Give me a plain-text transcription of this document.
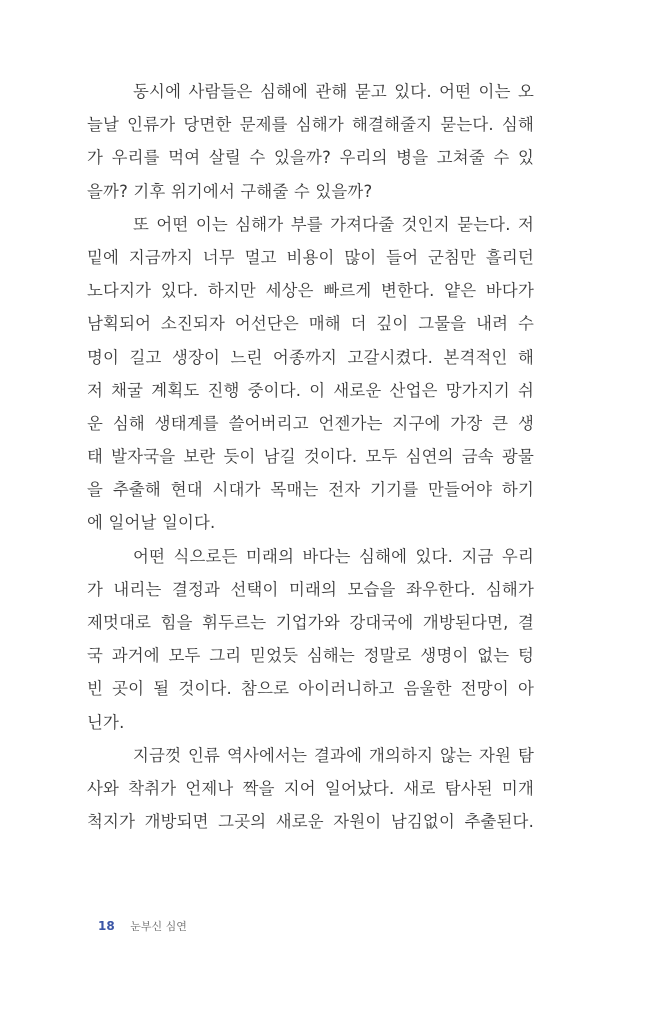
동시에 사람들은 심해에 관해 묻고 있다. 어떤 이는 오
늘날 인류가 당면한 문제를 심해가 해결해줄지 묻는다. 심해
가 우리를 먹여 살릴 수 있을까? 우리의 병을 고쳐줄 수 있
을까? 기후 위기에서 구해줄 수 있을까?
또 어떤 이는 심해가 부를 가져다줄 것인지 묻는다. 저
밑에 지금까지 너무 멀고 비용이 많이 들어 군침만 흘리던
노다지가 있다. 하지만 세상은 빠르게 변한다. 얕은 바다가
남획되어 소진되자 어선단은 매해 더 깊이 그물을 내려 수
명이 길고 생장이 느린 어종까지 고갈시켰다. 본격적인 해
저 채굴 계획도 진행 중이다. 이 새로운 산업은 망가지기 쉬
운 심해 생태계를 쓸어버리고 언젠가는 지구에 가장 큰 생
태 발자국을 보란 듯이 남길 것이다. 모두 심연의 금속 광물
을 추출해 현대 시대가 목매는 전자 기기를 만들어야 하기
에 일어날 일이다.
어떤 식으로든 미래의 바다는 심해에 있다. 지금 우리
가 내리는 결정과 선택이 미래의 모습을 좌우한다. 심해가
제멋대로 힘을 휘두르는 기업가와 강대국에 개방된다면, 결
국 과거에 모두 그리 믿었듯 심해는 정말로 생명이 없는 텅
빈 곳이 될 것이다. 참으로 아이러니하고 음울한 전망이 아
닌가.
지금껏 인류 역사에서는 결과에 개의하지 않는 자원 탐
사와 착취가 언제나 짝을 지어 일어났다. 새로 탐사된 미개
척지가 개방되면 그곳의 새로운 자원이 남김없이 추출된다.
18 눈부신 심연
